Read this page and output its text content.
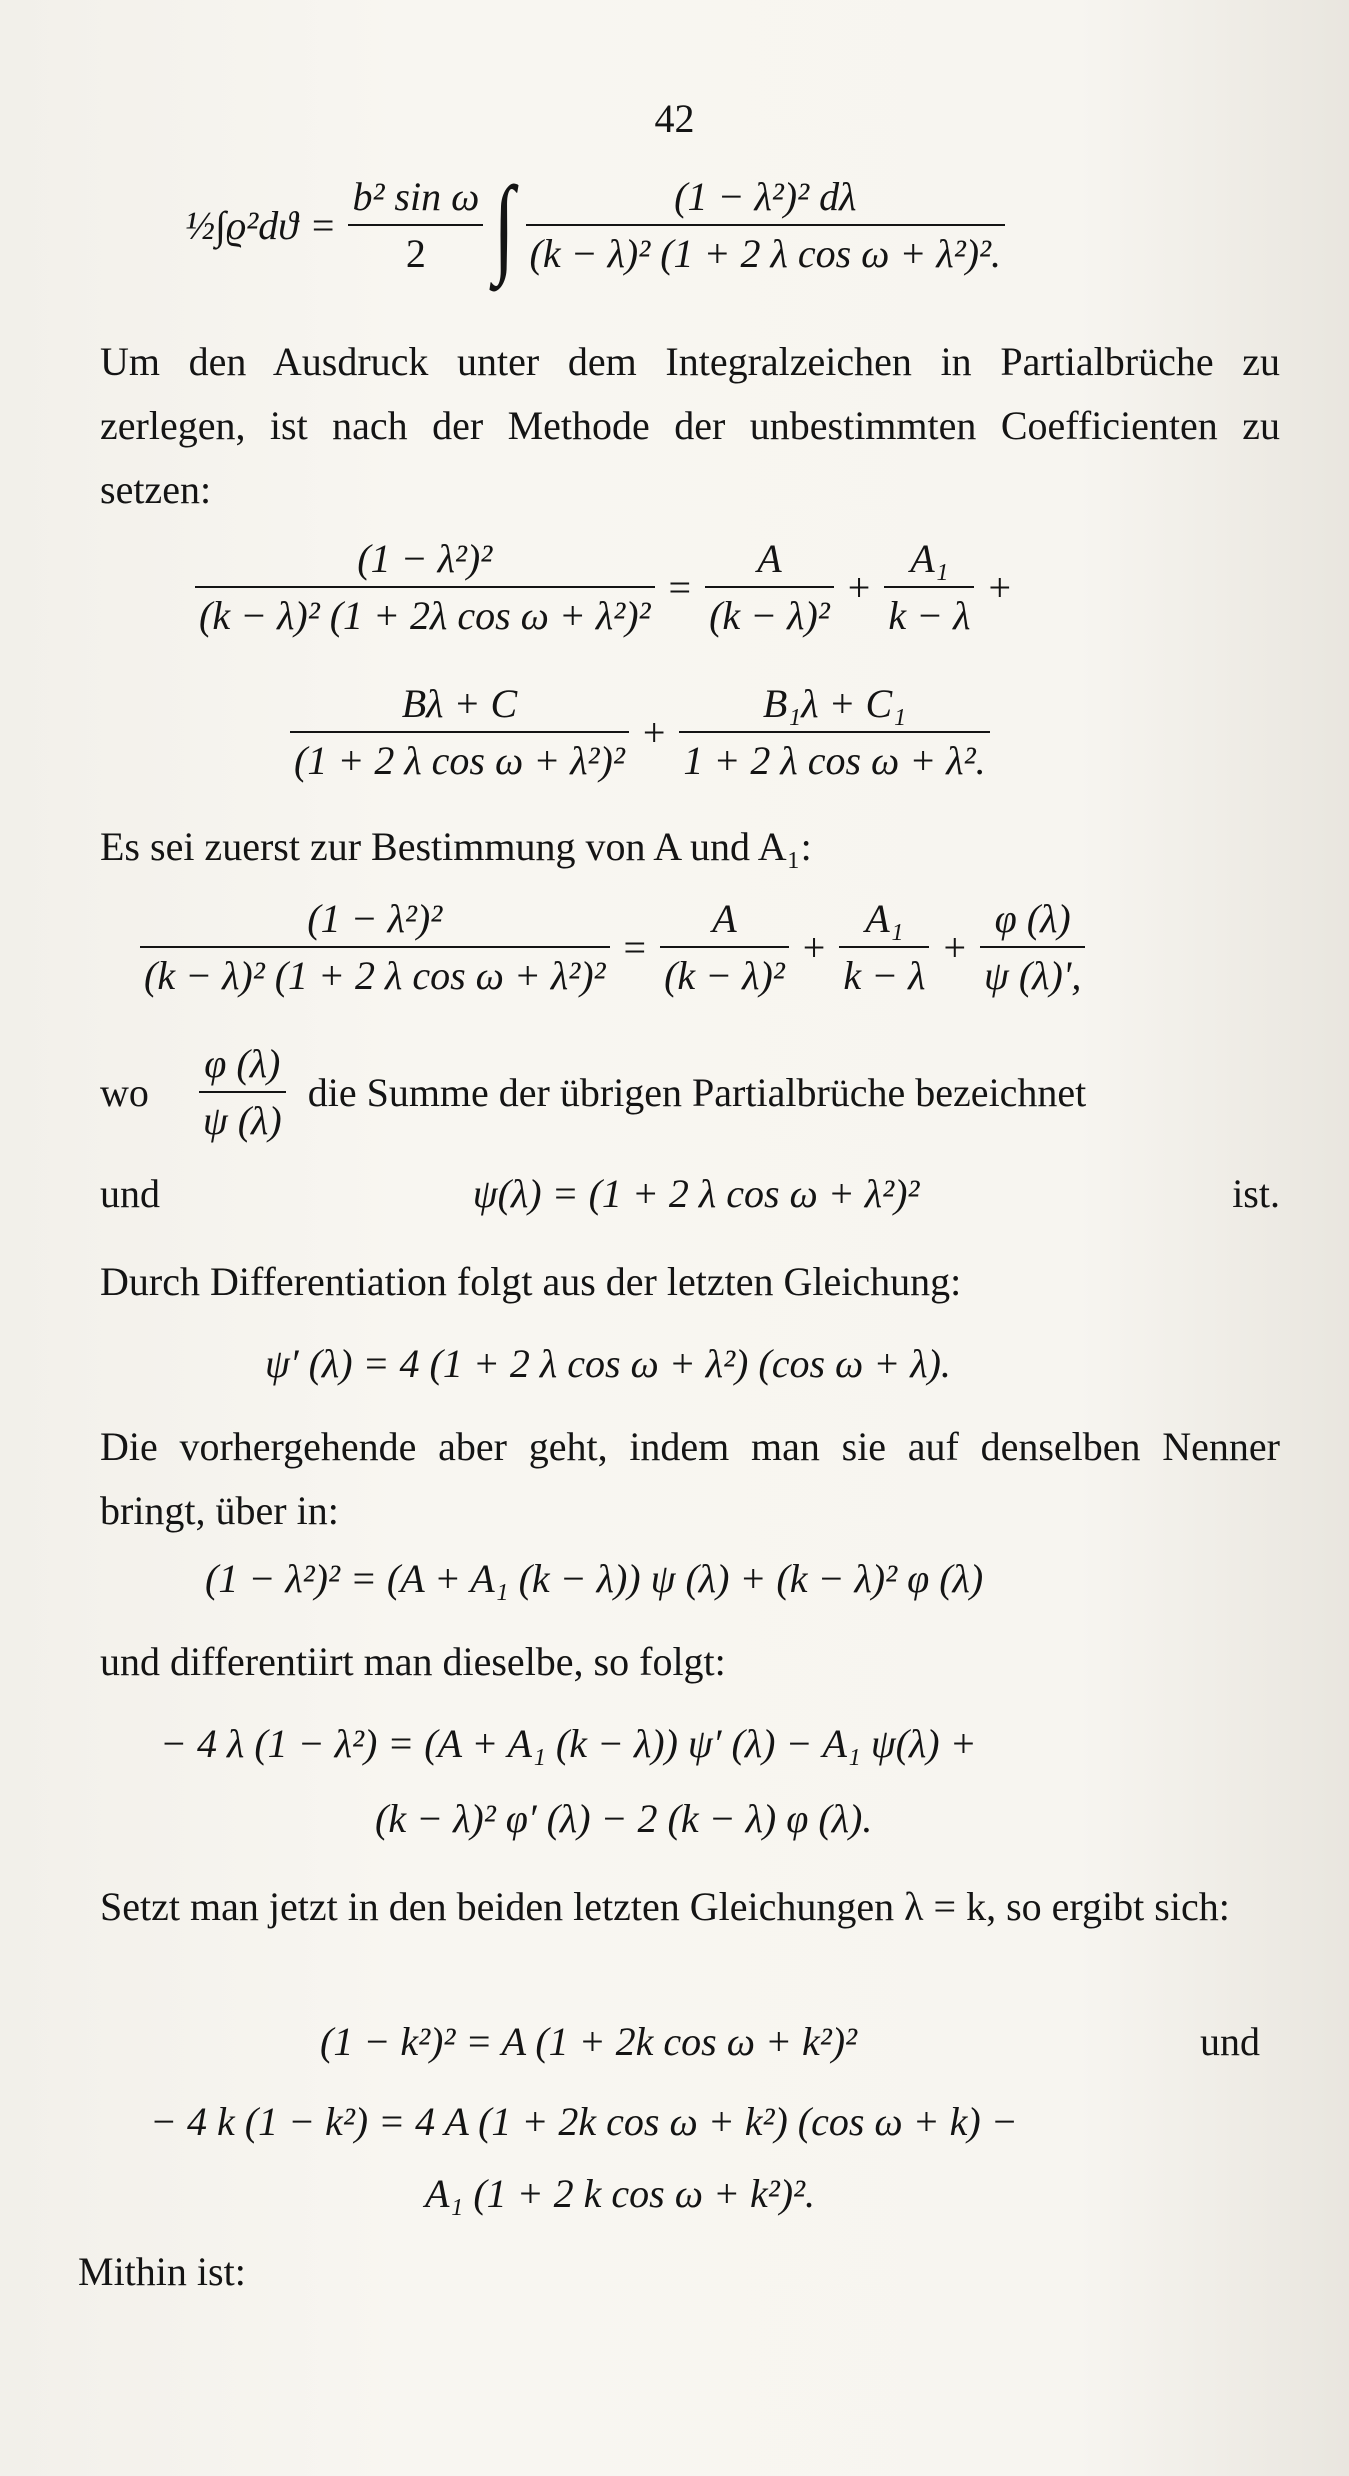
42
½∫ϱ²dϑ = $\frac{\text{b² sin ω}}{2}$ ∫ $\frac{\text{(1 − λ²)² dλ}}{\text{(k − λ)² (1 + 2 λ cos ω + λ²)².}}$
Um den Ausdruck unter dem Integralzeichen in Partialbrüche zu zerlegen, ist nach der Methode der unbestimmten Coefficienten zu setzen:
$\frac{\text{(1 − λ²)²}}{\text{(k − λ)² (1 + 2λ cos ω + λ²)²}} = \frac{A}{\text{(k − λ)²}} + \frac{\text{A₁}}{k - \lambda}$ +
$\frac{B\lambda + C}{\text{(1 + 2 λ cos ω + λ²)²}} + \frac{\text{B₁λ + C₁}}{\text{1 + 2 λ cos ω + λ².}}$
Es sei zuerst zur Bestimmung von A und A₁:
$\frac{\text{(1 − λ²)²}}{\text{(k − λ)² (1 + 2 λ cos ω + λ²)²}} = \frac{A}{\text{(k − λ)²}} + \frac{\text{A₁}}{k - \lambda} + \frac{\varphi (\lambda)}{\psi (\lambda)',}$
wo $\frac{\varphi (\lambda)}{\psi (\lambda)}$ die Summe der übrigen Partialbrüche bezeichnet
und	ψ(λ) = (1 + 2 λ cos ω + λ²)²	ist.
Durch Differentiation folgt aus der letzten Gleichung:
ψ′ (λ) = 4 (1 + 2 λ cos ω + λ²) (cos ω + λ).
Die vorhergehende aber geht, indem man sie auf denselben Nenner bringt, über in:
(1 − λ²)² = (A + A₁ (k − λ)) ψ (λ) + (k − λ)² φ (λ)
und differentiirt man dieselbe, so folgt:
− 4 λ (1 − λ²) = (A + A₁ (k − λ)) ψ′ (λ) − A₁ ψ(λ) +
(k − λ)² φ′ (λ) − 2 (k − λ) φ (λ).
Setzt man jetzt in den beiden letzten Gleichungen λ = k, so ergibt sich:
(1 − k²)² = A (1 + 2k cos ω + k²)²	und
− 4 k (1 − k²) = 4 A (1 + 2k cos ω + k²) (cos ω + k) −
A₁ (1 + 2 k cos ω + k²)².
Mithin ist:
